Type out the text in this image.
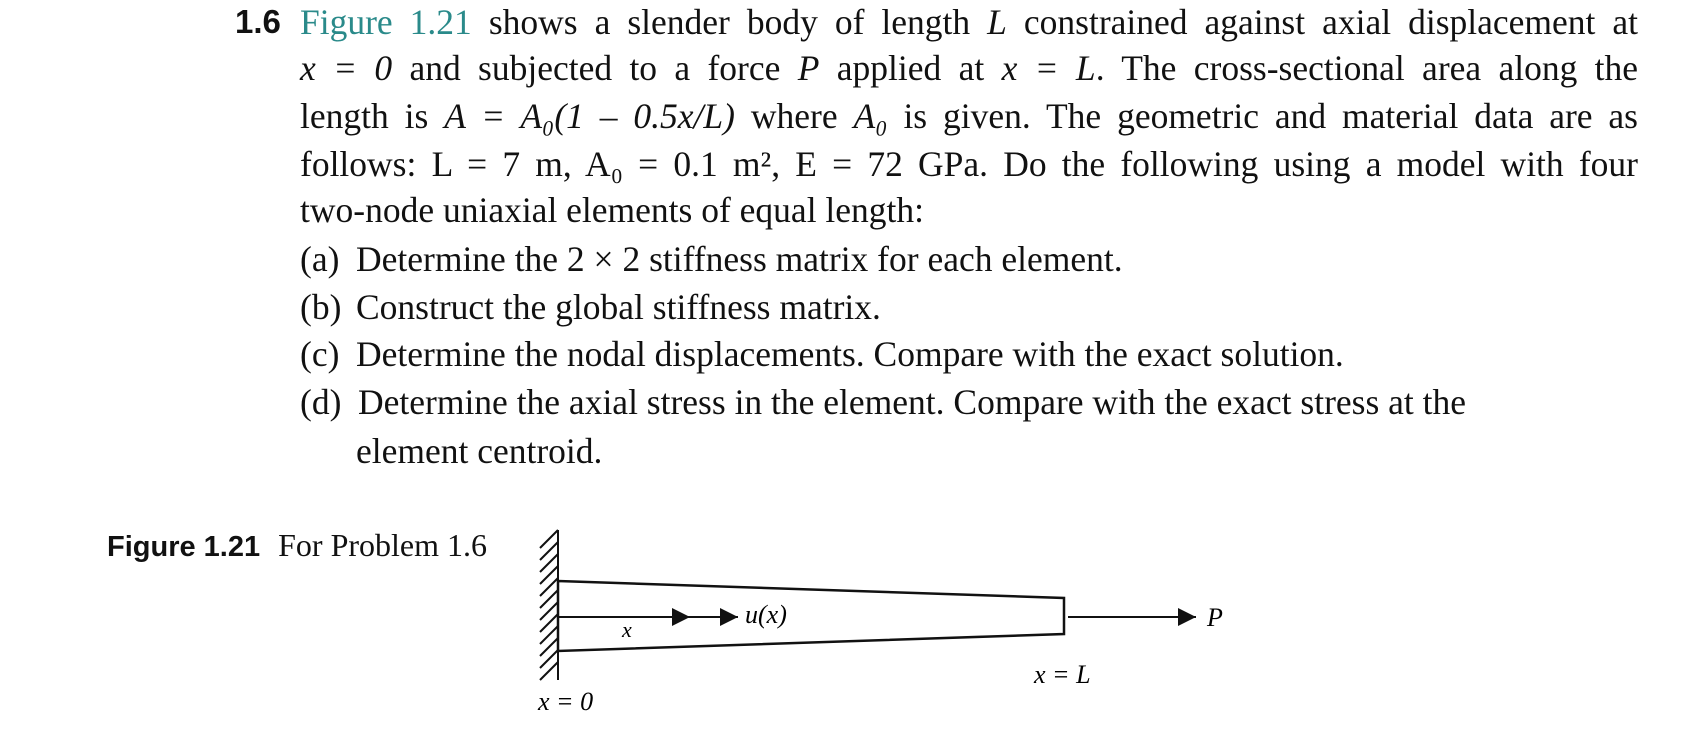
1.6 Figure 1.21 shows a slender body of length L constrained against axial displacement at
x = 0 and subjected to a force P applied at x = L. The cross-sectional area along the
length is A = A₀(1 – 0.5x/L) where A₀ is given. The geometric and material data are as
follows: L = 7 m, A₀ = 0.1 m², E = 72 GPa. Do the following using a model with four
two-node uniaxial elements of equal length:
(a) Determine the 2 × 2 stiffness matrix for each element.
(b) Construct the global stiffness matrix.
(c) Determine the nodal displacements. Compare with the exact solution.
(d) Determine the axial stress in the element. Compare with the exact stress at the
element centroid.
Figure 1.21 For Problem 1.6
x
u(x)	P
x = L
x = 0
